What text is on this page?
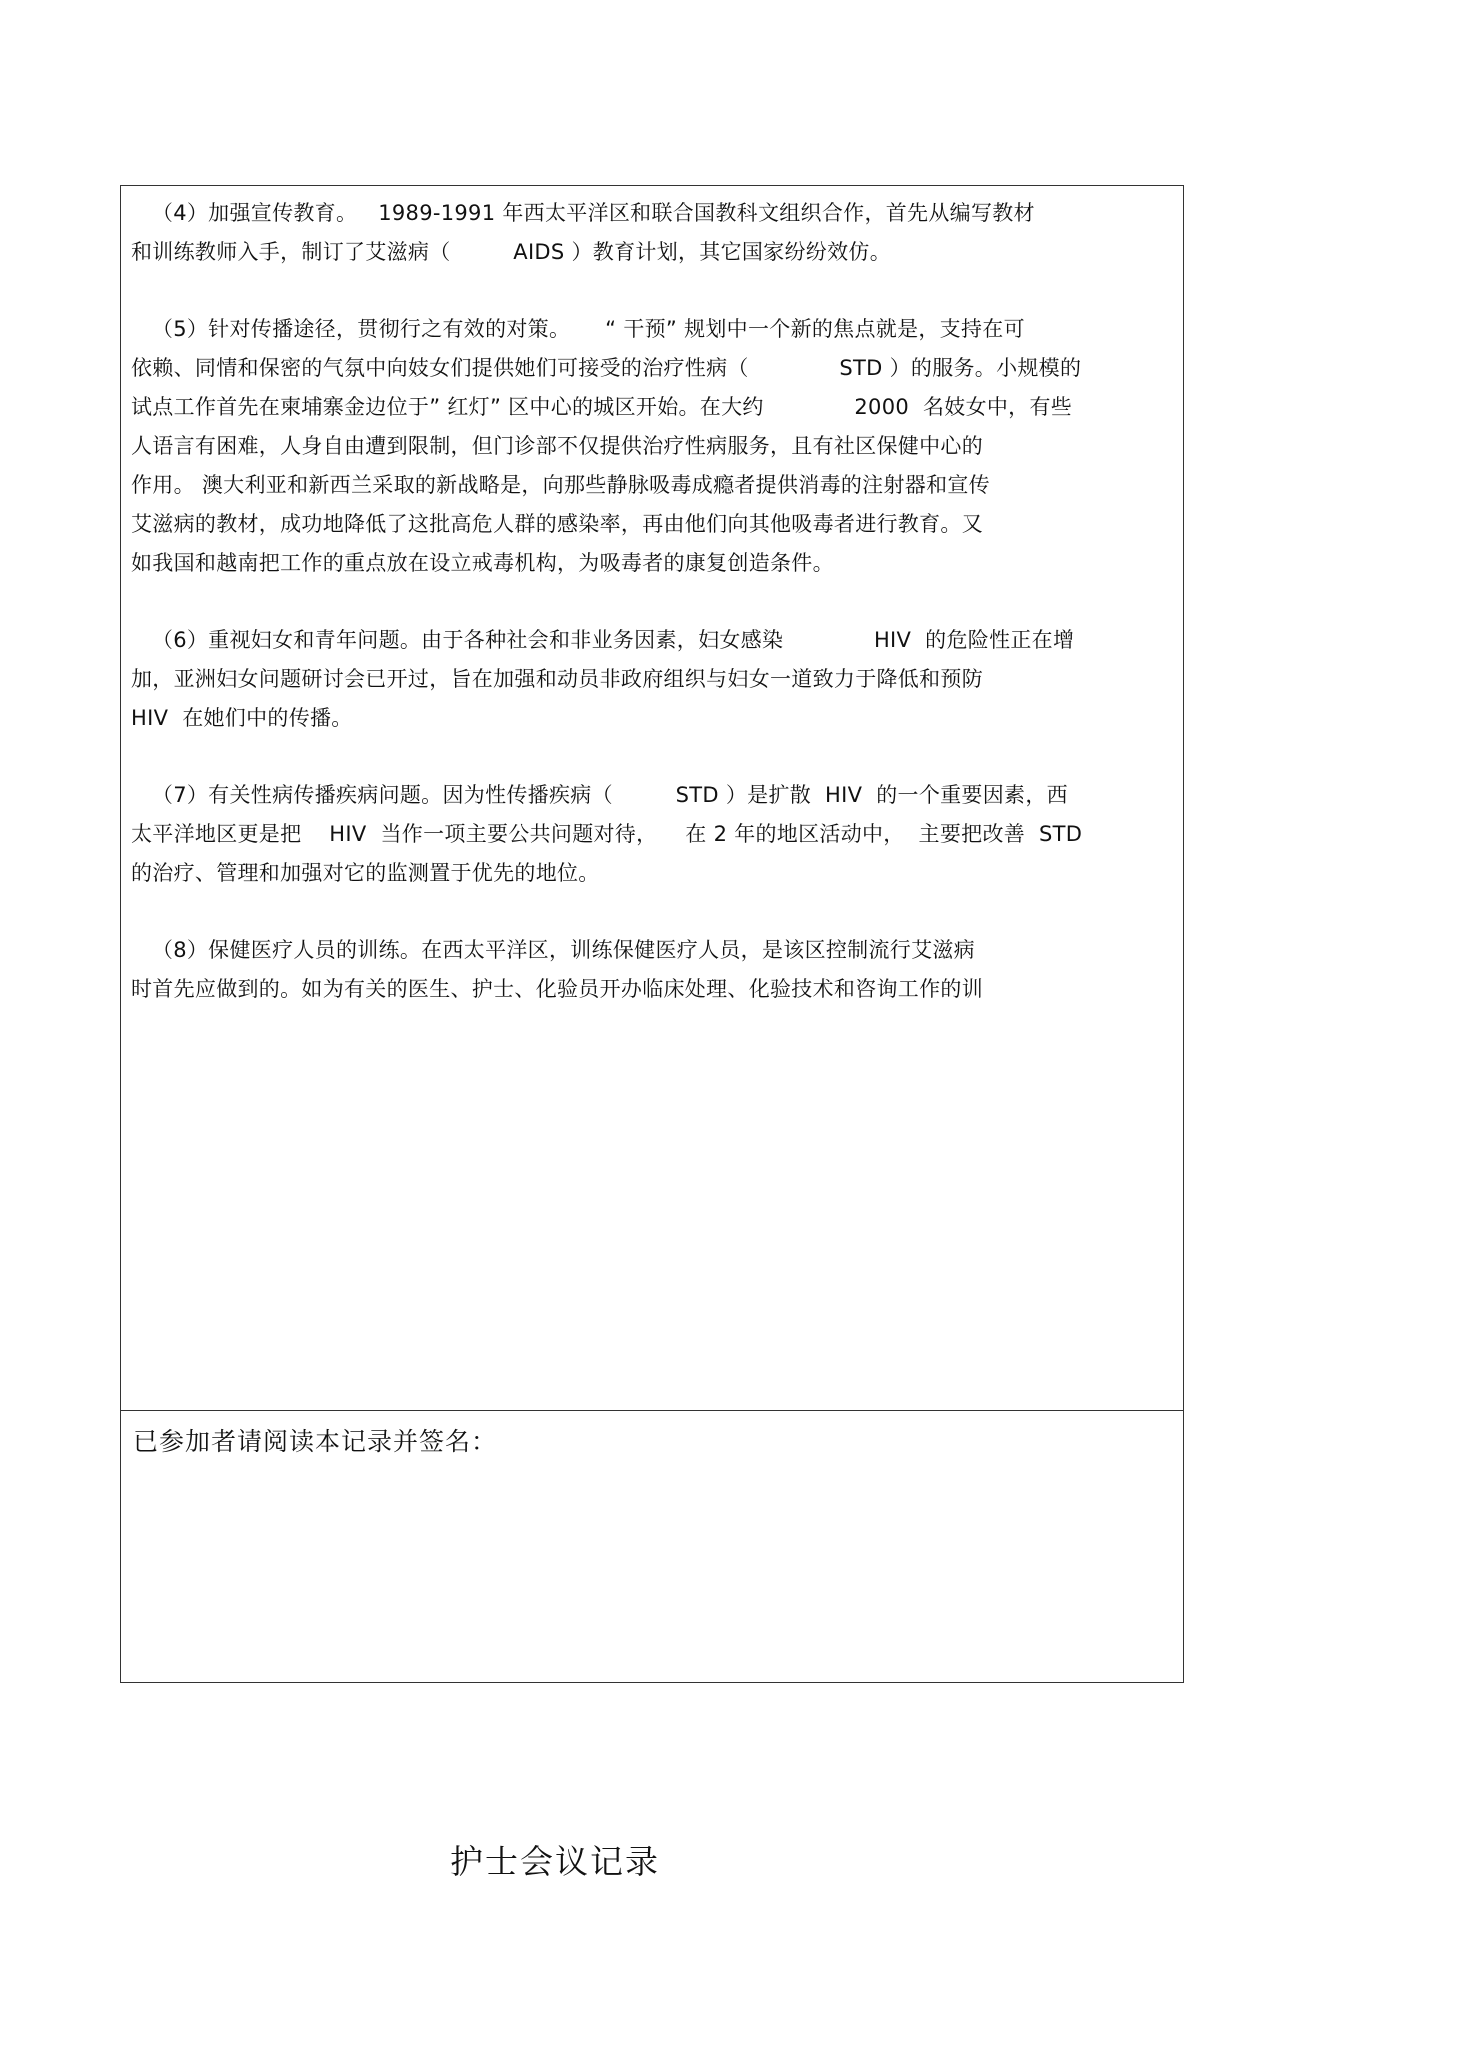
（4）加强宣传教育。   1989-1991 年西太平洋区和联合国教科文组织合作，首先从编写教材
和训练教师入手，制订了艾滋病（         AIDS ）教育计划，其它国家纷纷效仿。
（5）针对传播途径，贯彻行之有效的对策。     “ 干预” 规划中一个新的焦点就是，支持在可
依赖、同情和保密的气氛中向妓女们提供她们可接受的治疗性病（             STD ）的服务。小规模的
试点工作首先在柬埔寨金边位于” 红灯” 区中心的城区开始。在大约             2000  名妓女中，有些
人语言有困难，人身自由遭到限制，但门诊部不仅提供治疗性病服务，且有社区保健中心的
作用。 澳大利亚和新西兰采取的新战略是，向那些静脉吸毒成瘾者提供消毒的注射器和宣传
艾滋病的教材，成功地降低了这批高危人群的感染率，再由他们向其他吸毒者进行教育。又
如我国和越南把工作的重点放在设立戒毒机构，为吸毒者的康复创造条件。
（6）重视妇女和青年问题。由于各种社会和非业务因素，妇女感染             HIV  的危险性正在增
加，亚洲妇女问题研讨会已开过，旨在加强和动员非政府组织与妇女一道致力于降低和预防
HIV  在她们中的传播。
（7）有关性病传播疾病问题。因为性传播疾病（         STD ）是扩散  HIV  的一个重要因素，西
太平洋地区更是把    HIV  当作一项主要公共问题对待，    在 2 年的地区活动中，  主要把改善  STD
的治疗、管理和加强对它的监测置于优先的地位。
（8）保健医疗人员的训练。在西太平洋区，训练保健医疗人员，是该区控制流行艾滋病
时首先应做到的。如为有关的医生、护士、化验员开办临床处理、化验技术和咨询工作的训
已参加者请阅读本记录并签名：
护士会议记录
